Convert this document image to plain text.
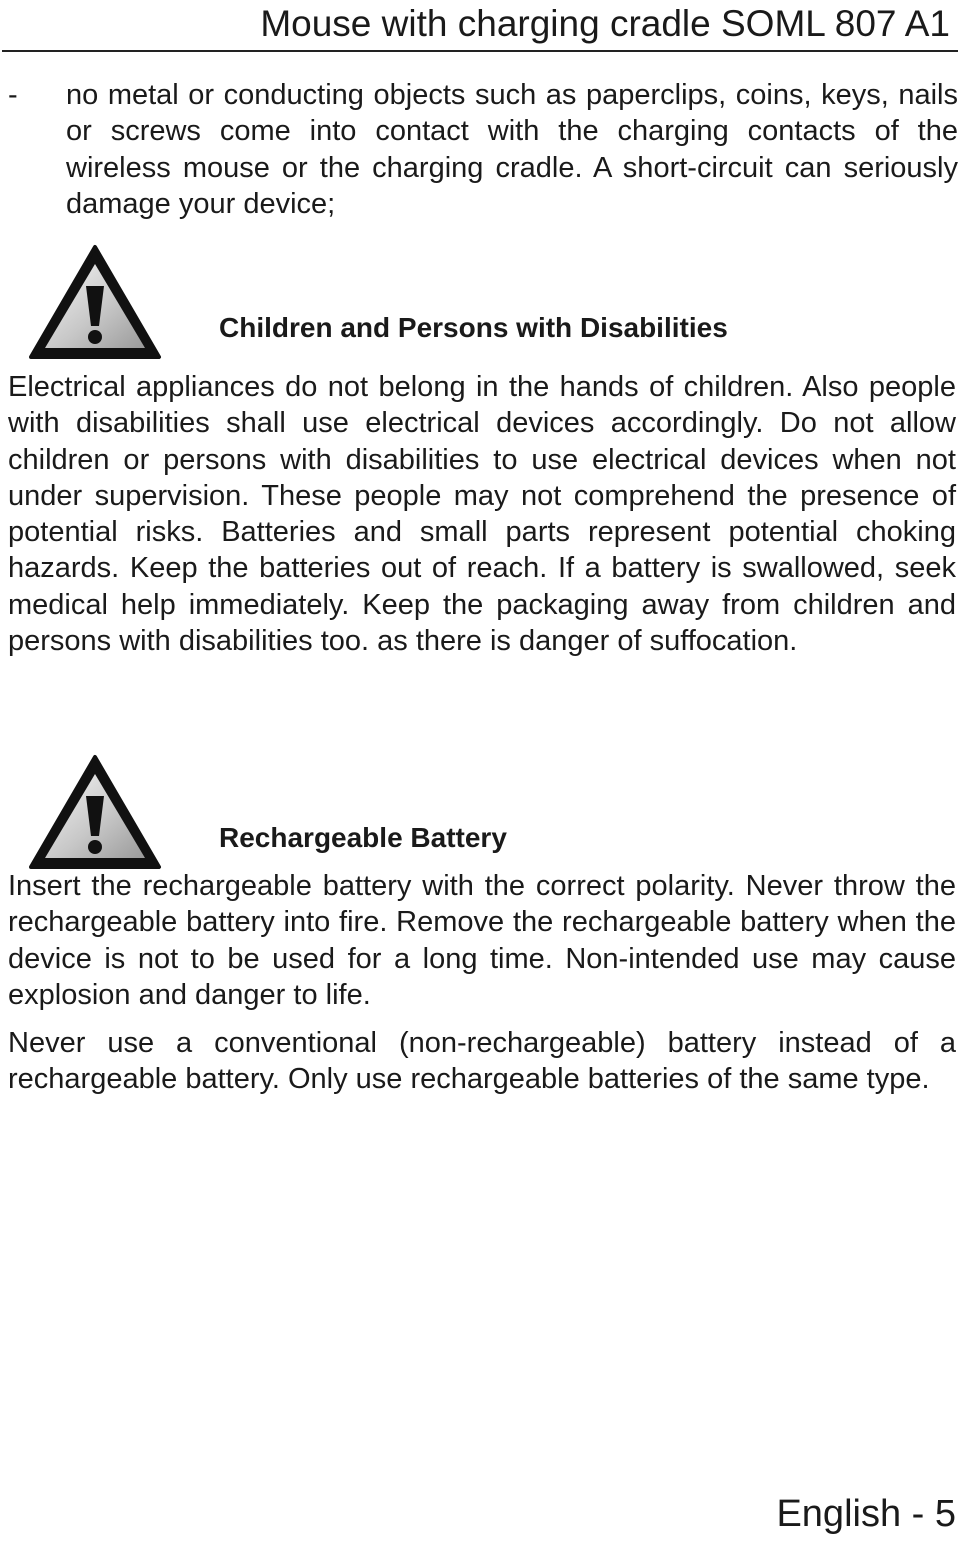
Mouse with charging cradle SOML 807 A1
- no metal or conducting objects such as paperclips, coins, keys, nails or screws come into contact with the charging contacts of the wireless mouse or the charging cradle. A short-circuit can seriously damage your device;
Children and Persons with Disabilities

Electrical appliances do not belong in the hands of children. Also people with disabilities shall use electrical devices accordingly. Do not allow children or persons with disabilities to use electrical devices when not under supervision. These people may not comprehend the presence of potential risks. Batteries and small parts represent potential choking hazards. Keep the batteries out of reach. If a battery is swallowed, seek medical help immediately. Keep the packaging away from children and persons with disabilities too. as there is danger of suffocation.

Rechargeable Battery

Insert the rechargeable battery with the correct polarity. Never throw the rechargeable battery into fire. Remove the rechargeable battery when the device is not to be used for a long time. Non-intended use may cause explosion and danger to life.

Never use a conventional (non-rechargeable) battery instead of a rechargeable battery. Only use rechargeable batteries of the same type.

English - 5
